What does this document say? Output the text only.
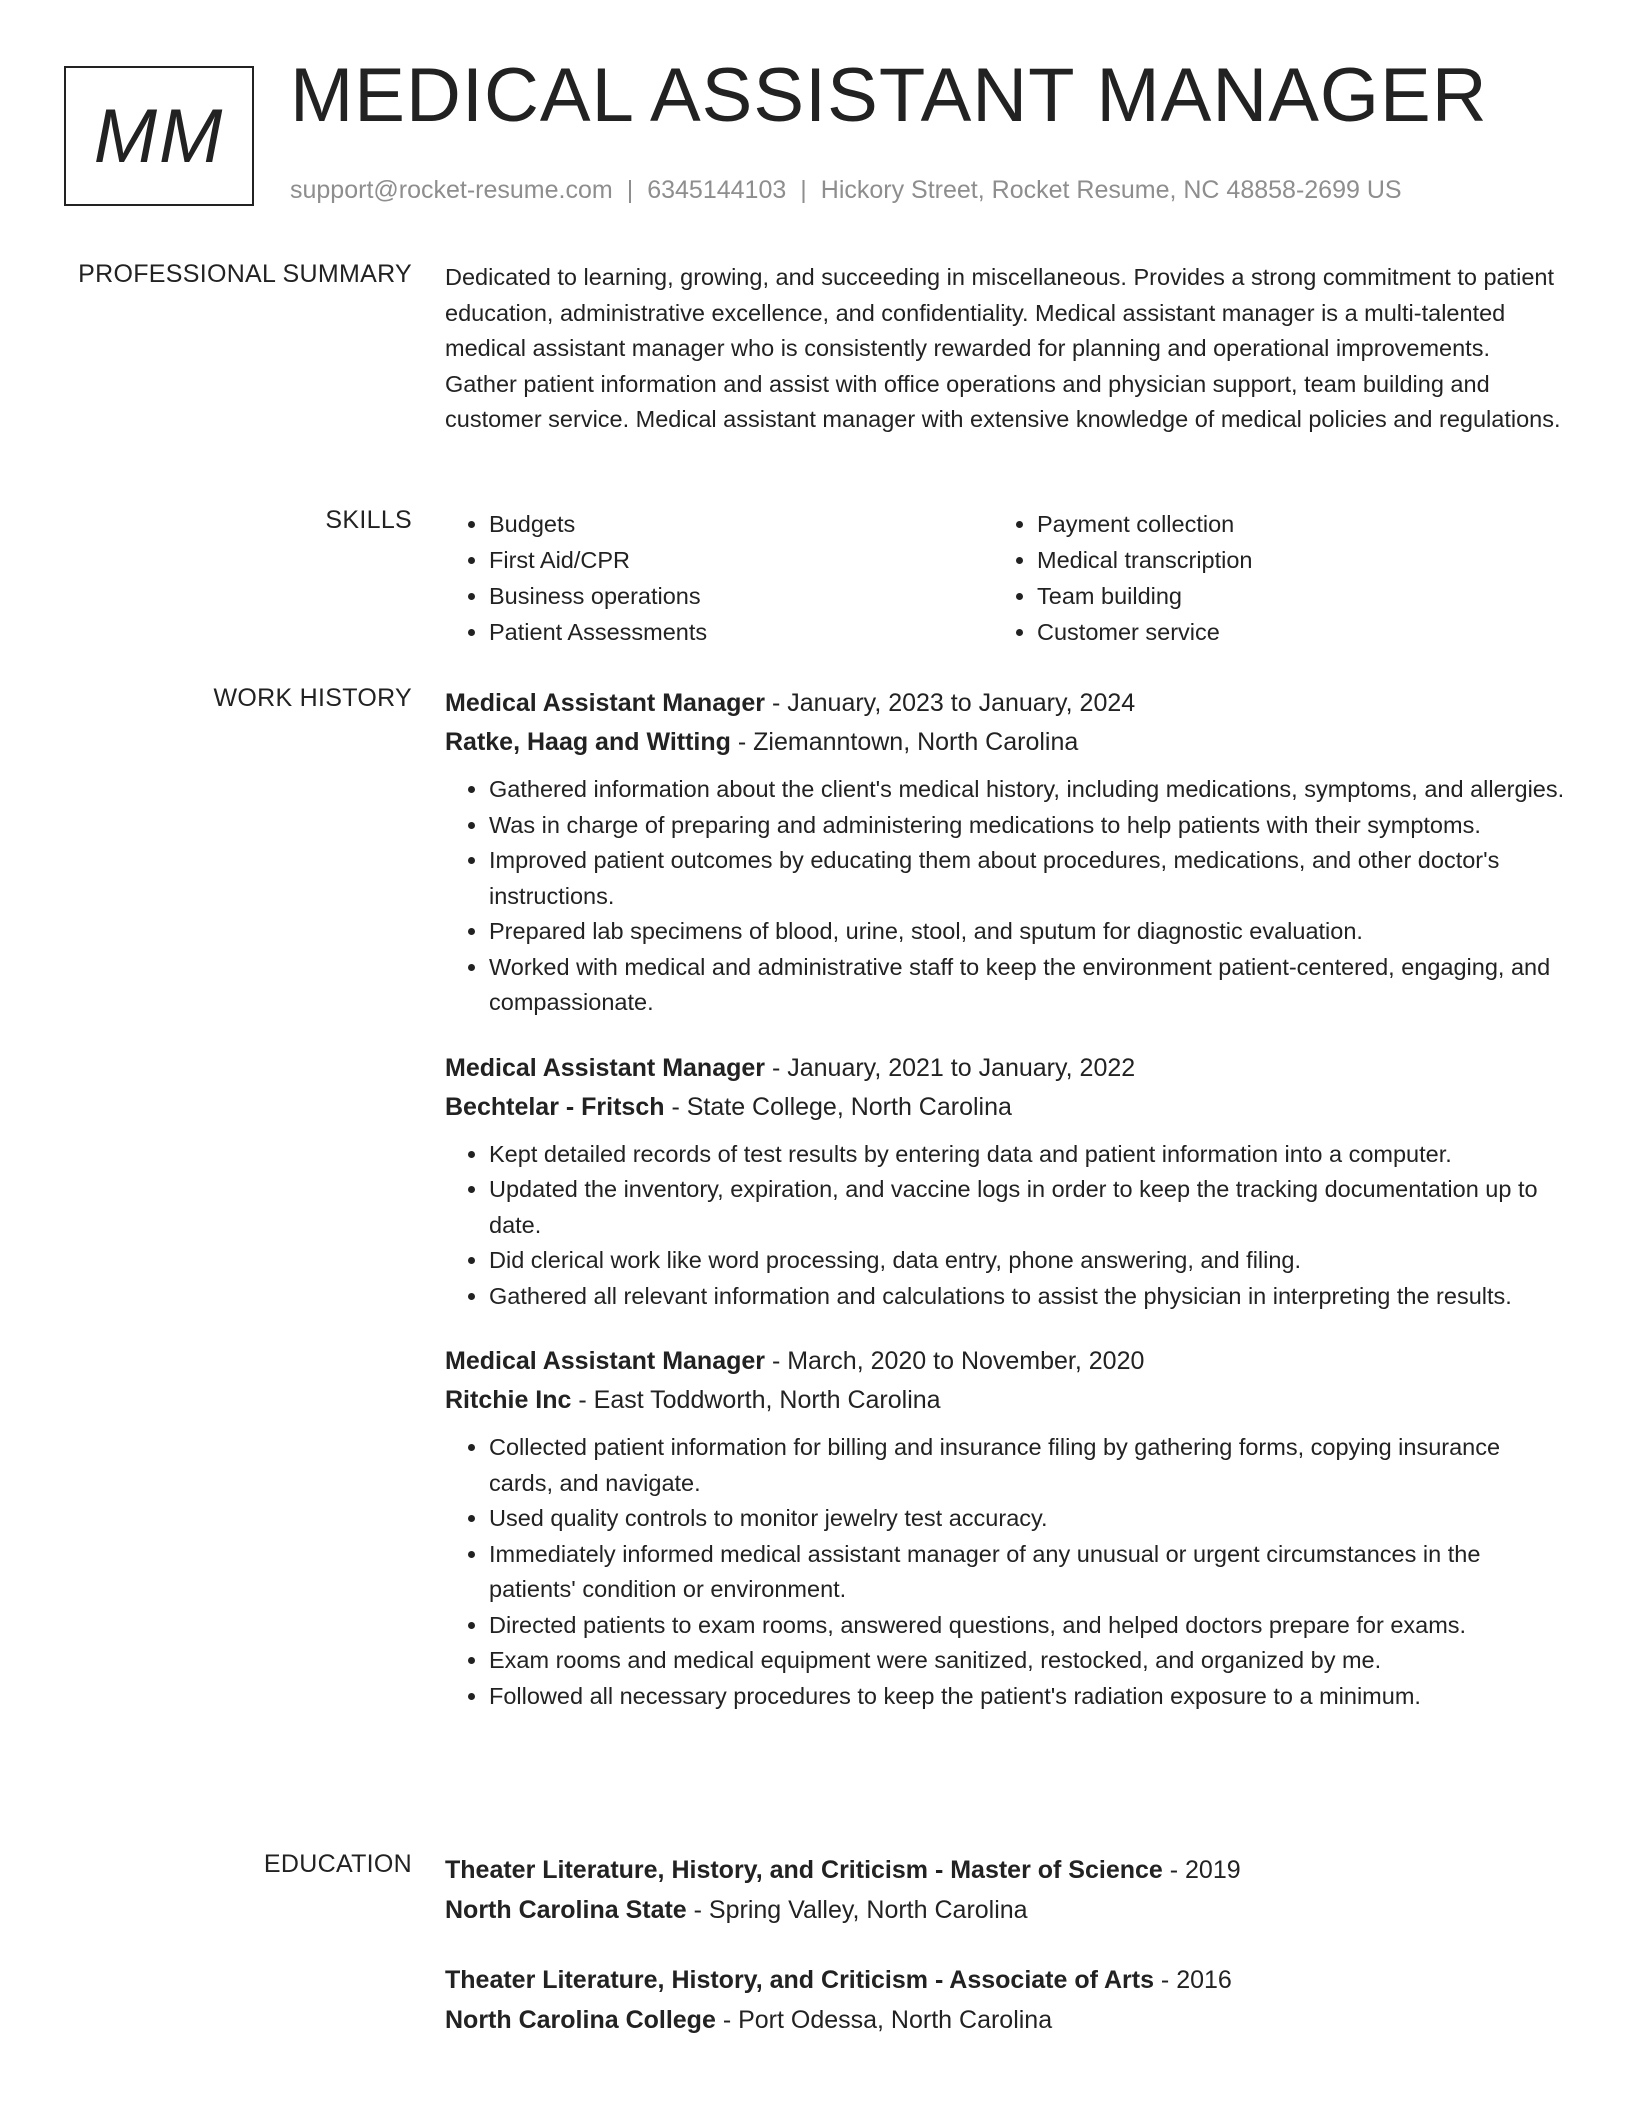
MM MEDICAL ASSISTANT MANAGER
support@rocket-resume.com | 6345144103 | Hickory Street, Rocket Resume, NC 48858-2699 US
PROFESSIONAL SUMMARY Dedicated to learning, growing, and succeeding in miscellaneous. Provides a strong commitment to patient education, administrative excellence, and confidentiality. Medical assistant manager is a multi-talented medical assistant manager who is consistently rewarded for planning and operational improvements. Gather patient information and assist with office operations and physician support, team building and customer service. Medical assistant manager with extensive knowledge of medical policies and regulations.

SKILLS
•	Budgets
• First Aid/CPR
• Business operations
• Patient Assessments
• Payment collection
• Medical transcription
• Team building
• Customer service
WORK HISTORY Medical Assistant Manager - January, 2023 to January, 2024
Ratke, Haag and Witting - Ziemanntown, North Carolina
• Gathered information about the client's medical history, including medications, symptoms, and allergies.
• Was in charge of preparing and administering medications to help patients with their symptoms.
• Improved patient outcomes by educating them about procedures, medications, and other doctor's instructions.
• Prepared lab specimens of blood, urine, stool, and sputum for diagnostic evaluation.
• Worked with medical and administrative staff to keep the environment patient-centered, engaging, and compassionate.
Medical Assistant Manager - January, 2021 to January, 2022
Bechtelar - Fritsch - State College, North Carolina
• Kept detailed records of test results by entering data and patient information into a computer.
• Updated the inventory, expiration, and vaccine logs in order to keep the tracking documentation up to date.
• Did clerical work like word processing, data entry, phone answering, and filing.
• Gathered all relevant information and calculations to assist the physician in interpreting the results.
Medical Assistant Manager - March, 2020 to November, 2020
Ritchie Inc - East Toddworth, North Carolina
• Collected patient information for billing and insurance filing by gathering forms, copying insurance cards, and navigate.
• Used quality controls to monitor jewelry test accuracy.
• Immediately informed medical assistant manager of any unusual or urgent circumstances in the patients' condition or environment.
• Directed patients to exam rooms, answered questions, and helped doctors prepare for exams.
• Exam rooms and medical equipment were sanitized, restocked, and organized by me.
• Followed all necessary procedures to keep the patient's radiation exposure to a minimum.
EDUCATION Theater Literature, History, and Criticism - Master of Science - 2019
North Carolina State - Spring Valley, North Carolina
Theater Literature, History, and Criticism - Associate of Arts - 2016
North Carolina College - Port Odessa, North Carolina
